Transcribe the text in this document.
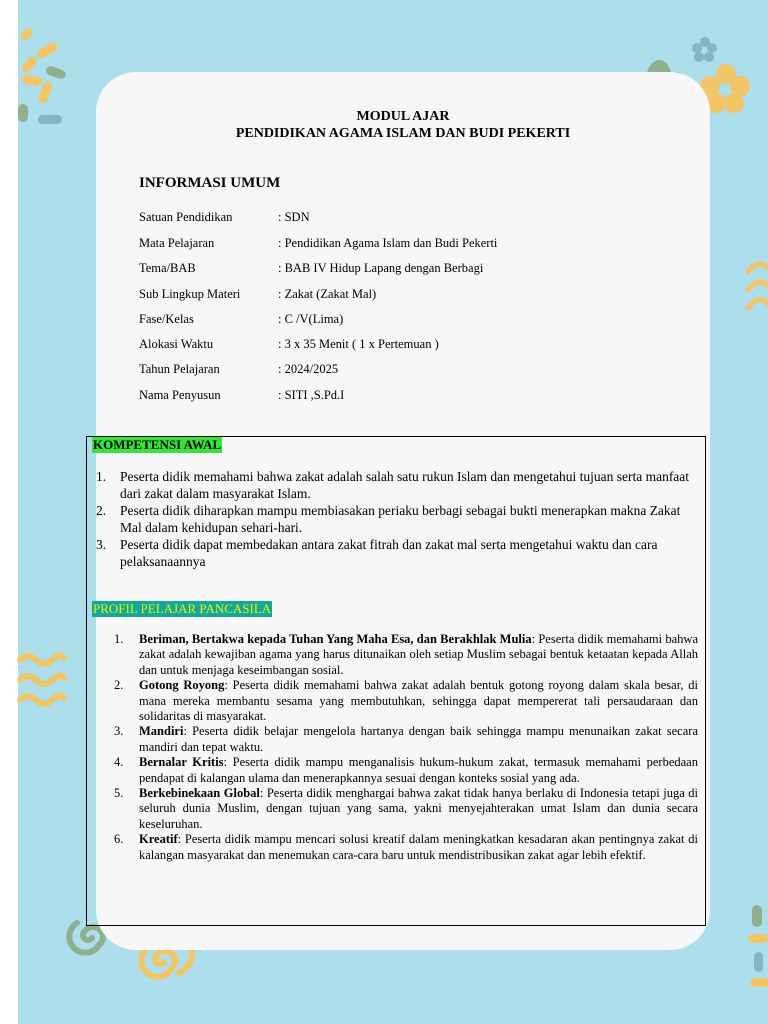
MODUL AJAR
PENDIDIKAN AGAMA ISLAM DAN BUDI PEKERTI
INFORMASI UMUM
Satuan Pendidikan	: SDN
Mata Pelajaran	: Pendidikan Agama Islam dan Budi Pekerti
Tema/BAB	: BAB IV Hidup Lapang dengan Berbagi
Sub Lingkup Materi	: Zakat (Zakat Mal)
Fase/Kelas	: C /V(Lima)
Alokasi Waktu	: 3 x 35 Menit ( 1 x Pertemuan )
Tahun Pelajaran	: 2024/2025
Nama Penyusun	: SITI ,S.Pd.I
KOMPETENSI AWAL
1. Peserta didik memahami bahwa zakat adalah salah satu rukun Islam dan mengetahui tujuan serta manfaat dari zakat dalam masyarakat Islam.
2. Peserta didik diharapkan mampu membiasakan periaku berbagi sebagai bukti menerapkan makna Zakat Mal dalam kehidupan sehari-hari.
3. Peserta didik dapat membedakan antara zakat fitrah dan zakat mal serta mengetahui waktu dan cara pelaksanaannya
PROFIL PELAJAR PANCASILA
1. Beriman, Bertakwa kepada Tuhan Yang Maha Esa, dan Berakhlak Mulia: Peserta didik memahami bahwa zakat adalah kewajiban agama yang harus ditunaikan oleh setiap Muslim sebagai bentuk ketaatan kepada Allah dan untuk menjaga keseimbangan sosial.
2. Gotong Royong: Peserta didik memahami bahwa zakat adalah bentuk gotong royong dalam skala besar, di mana mereka membantu sesama yang membutuhkan, sehingga dapat mempererat tali persaudaraan dan solidaritas di masyarakat.
3. Mandiri: Peserta didik belajar mengelola hartanya dengan baik sehingga mampu menunaikan zakat secara mandiri dan tepat waktu.
4. Bernalar Kritis: Peserta didik mampu menganalisis hukum-hukum zakat, termasuk memahami perbedaan pendapat di kalangan ulama dan menerapkannya sesuai dengan konteks sosial yang ada.
5. Berkebinekaan Global: Peserta didik menghargai bahwa zakat tidak hanya berlaku di Indonesia tetapi juga di seluruh dunia Muslim, dengan tujuan yang sama, yakni menyejahterakan umat Islam dan dunia secara keseluruhan.
6. Kreatif: Peserta didik mampu mencari solusi kreatif dalam meningkatkan kesadaran akan pentingnya zakat di kalangan masyarakat dan menemukan cara-cara baru untuk mendistribusikan zakat agar lebih efektif.
